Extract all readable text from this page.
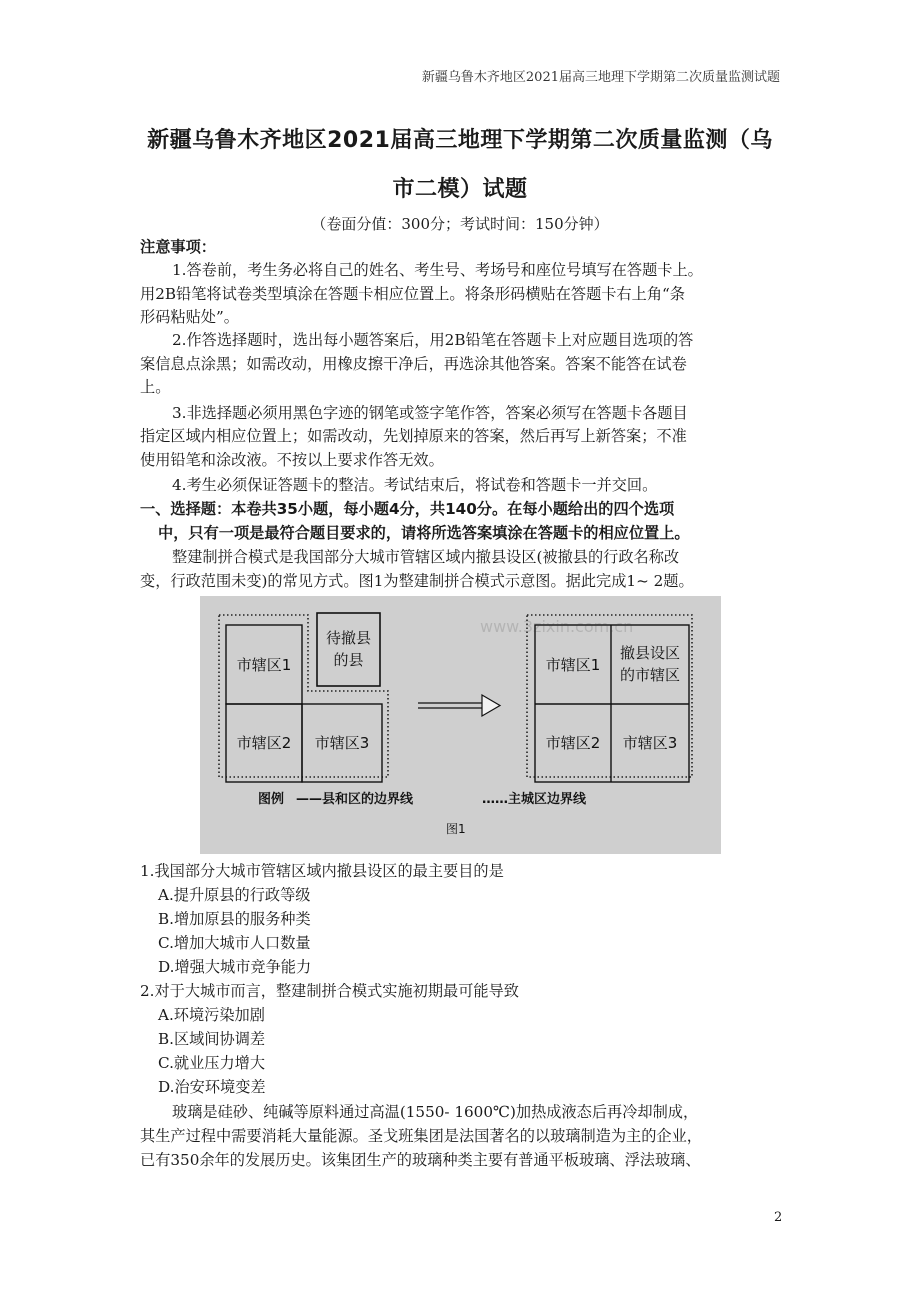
新疆乌鲁木齐地区2021届高三地理下学期第二次质量监测试题
新疆乌鲁木齐地区2021届高三地理下学期第二次质量监测（乌
市二模）试题
（卷面分值：300分；考试时间：150分钟）
注意事项：
1.答卷前，考生务必将自己的姓名、考生号、考场号和座位号填写在答题卡上。
用2B铅笔将试卷类型填涂在答题卡相应位置上。将条形码横贴在答题卡右上角“条
形码粘贴处”。
2.作答选择题时，选出每小题答案后，用2B铅笔在答题卡上对应题目选项的答
案信息点涂黑；如需改动，用橡皮擦干净后，再选涂其他答案。答案不能答在试卷
上。
3.非选择题必须用黑色字迹的钢笔或签字笔作答，答案必须写在答题卡各题目
指定区域内相应位置上；如需改动，先划掉原来的答案，然后再写上新答案；不准
使用铅笔和涂改液。不按以上要求作答无效。
4.考生必须保证答题卡的整洁。考试结束后，将试卷和答题卡一并交回。
一、选择题：本卷共35小题，每小题4分，共140分。在每小题给出的四个选项
中，只有一项是最符合题目要求的，请将所选答案填涂在答题卡的相应位置上。
整建制拼合模式是我国部分大城市管辖区域内撤县设区(被撤县的行政名称改
变，行政范围未变)的常见方式。图1为整建制拼合模式示意图。据此完成1~ 2题。
市辖区1
待撤县
的县
市辖区2	市辖区3
市辖区1
撤县设区
的市辖区
市辖区2	市辖区3
图例 ——县和区的边界线	……主城区边界线
图1
www.3zixin.com.cn
1.我国部分大城市管辖区域内撤县设区的最主要目的是
A.提升原县的行政等级
B.增加原县的服务种类
C.增加大城市人口数量
D.增强大城市竞争能力
2.对于大城市而言，整建制拼合模式实施初期最可能导致
A.环境污染加剧
B.区域间协调差
C.就业压力增大
D.治安环境变差
玻璃是硅砂、纯碱等原料通过高温(1550- 1600℃)加热成液态后再冷却制成，
其生产过程中需要消耗大量能源。圣戈班集团是法国著名的以玻璃制造为主的企业，
已有350余年的发展历史。该集团生产的玻璃种类主要有普通平板玻璃、浮法玻璃、
2
